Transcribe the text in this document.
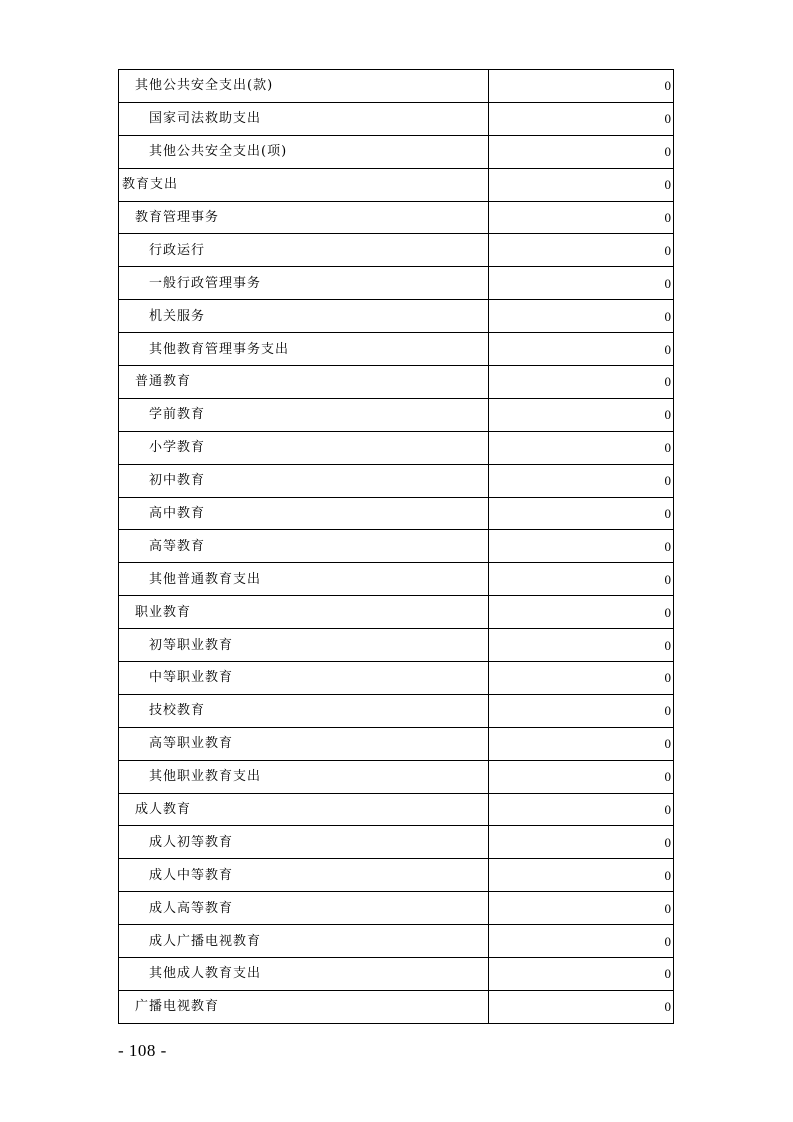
其他公共安全支出(款)	0
国家司法救助支出	0
其他公共安全支出(项)	0
教育支出	0
教育管理事务	0
行政运行	0
一般行政管理事务	0
机关服务	0
其他教育管理事务支出	0
普通教育	0
学前教育	0
小学教育	0
初中教育	0
高中教育	0
高等教育	0
其他普通教育支出	0
职业教育	0
初等职业教育	0
中等职业教育	0
技校教育	0
高等职业教育	0
其他职业教育支出	0
成人教育	0
成人初等教育	0
成人中等教育	0
成人高等教育	0
成人广播电视教育	0
其他成人教育支出	0
广播电视教育	0
- 108 -
